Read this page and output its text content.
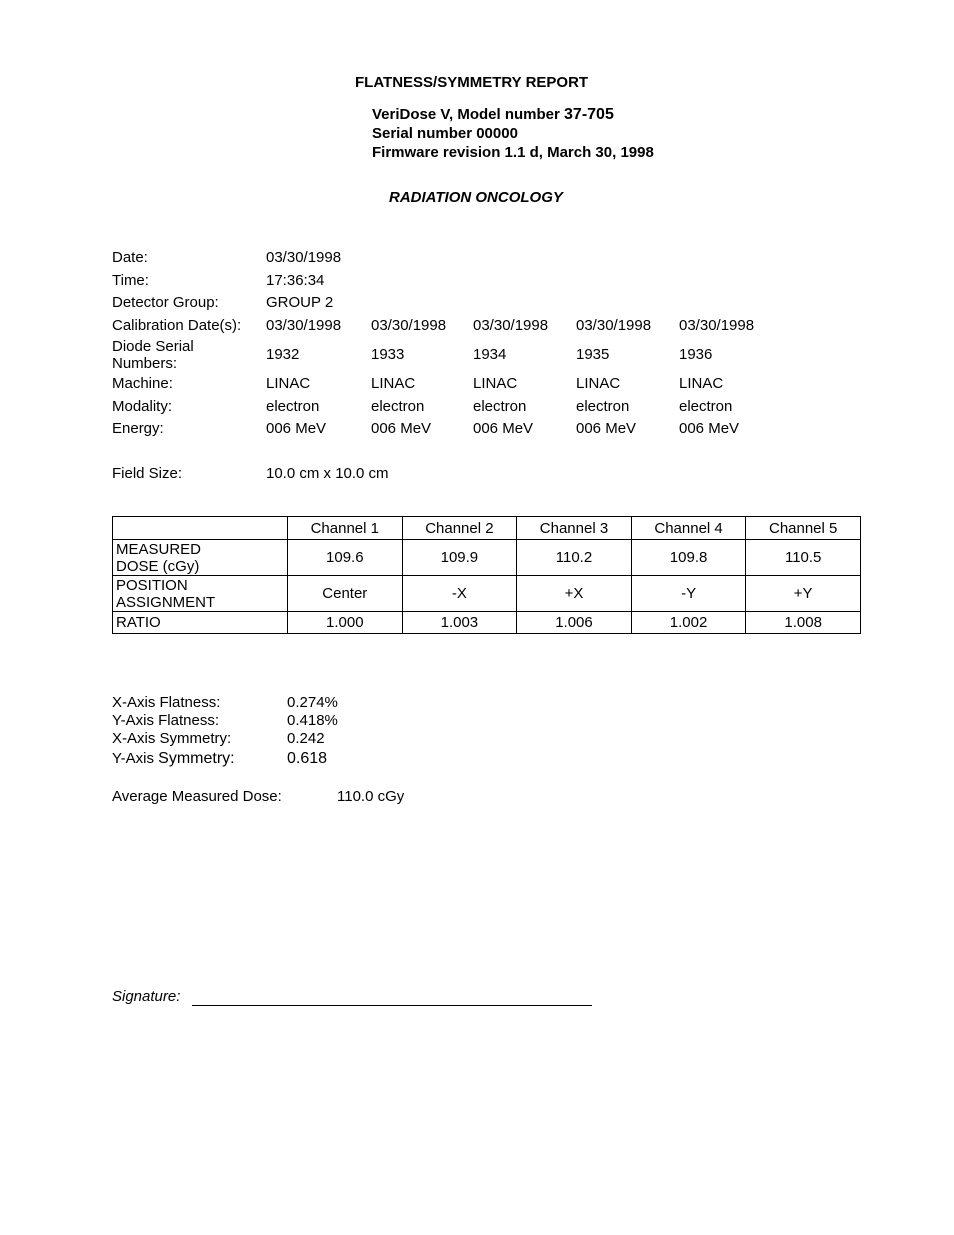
FLATNESS/SYMMETRY REPORT
VeriDose V, Model number 37-705
Serial number 00000
Firmware revision 1.1 d, March 30, 1998
RADIATION ONCOLOGY
Date:	03/30/1998
Time:	17:36:34
Detector Group:	GROUP 2
Calibration Date(s): 03/30/1998 03/30/1998 03/30/1998 03/30/1998 03/30/1998
Diode Serial
Numbers:
1932	1933	1934	1935	1936
Machine:	LINAC	LINAC	LINAC	LINAC	LINAC
Modality:	electron	electron	electron	electron	electron
Energy:	006 MeV	006 MeV	006 MeV	006 MeV	006 MeV
Field Size:	10.0 cm x 10.0 cm
	Channel 1	Channel 2	Channel 3	Channel 4	Channel 5

MEASURED
DOSE (cGy)	109.6	109.9	110.2	109.8	110.5

POSITION
ASSIGNMENT	Center	-X	+X	-Y	+Y
RATIO	1.000	1.003	1.006	1.002	1.008
X-Axis Flatness:	0.274%
Y-Axis Flatness:	0.418%
X-Axis Symmetry:	0.242
Y-Axis Symmetry:	0.618
Average Measured Dose:	110.0 cGy
Signature:
